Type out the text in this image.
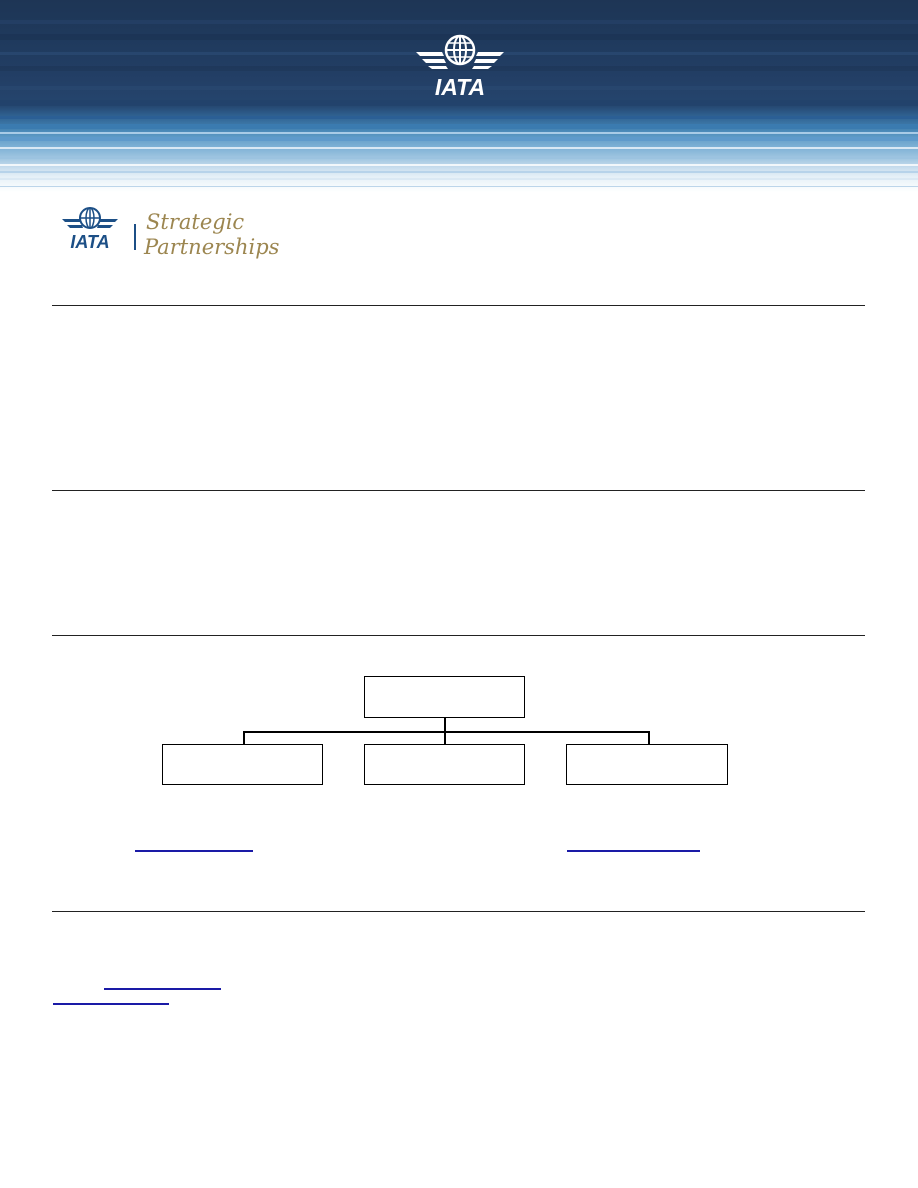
IATA
IATA
Strategic
Partnerships
